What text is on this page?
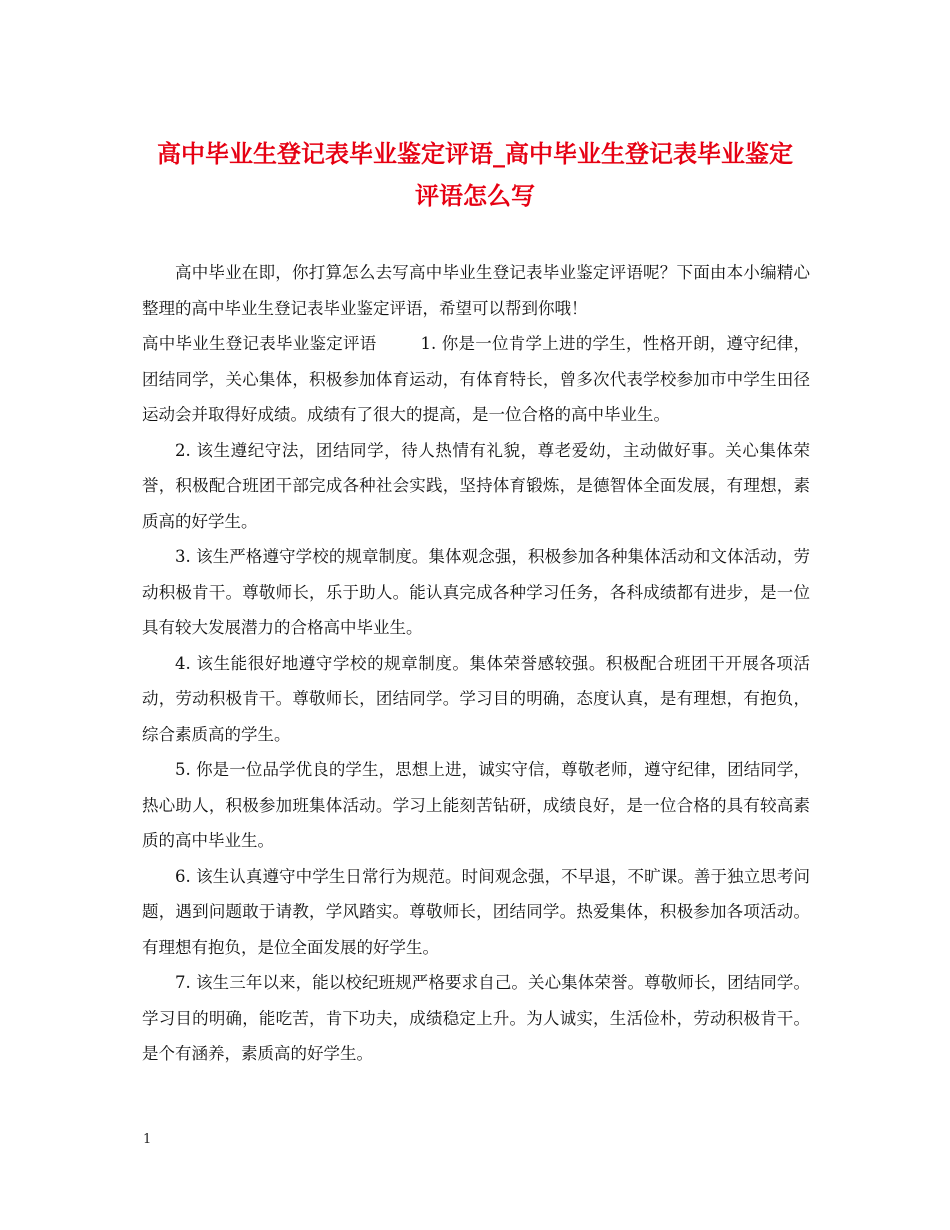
高中毕业生登记表毕业鉴定评语_高中毕业生登记表毕业鉴定
评语怎么写

高中毕业在即，你打算怎么去写高中毕业生登记表毕业鉴定评语呢？下面由本小编精心整理的高中毕业生登记表毕业鉴定评语，希望可以帮到你哦！

高中毕业生登记表毕业鉴定评语	1. 你是一位肯学上进的学生，性格开朗，遵守纪律，团结同学，关心集体，积极参加体育运动，有体育特长，曾多次代表学校参加市中学生田径运动会并取得好成绩。成绩有了很大的提高，是一位合格的高中毕业生。

2. 该生遵纪守法，团结同学，待人热情有礼貌，尊老爱幼，主动做好事。关心集体荣誉，积极配合班团干部完成各种社会实践，坚持体育锻炼，是德智体全面发展，有理想，素质高的好学生。

3. 该生严格遵守学校的规章制度。集体观念强，积极参加各种集体活动和文体活动，劳动积极肯干。尊敬师长，乐于助人。能认真完成各种学习任务，各科成绩都有进步，是一位具有较大发展潜力的合格高中毕业生。

4. 该生能很好地遵守学校的规章制度。集体荣誉感较强。积极配合班团干开展各项活动，劳动积极肯干。尊敬师长，团结同学。学习目的明确，态度认真，是有理想，有抱负，综合素质高的学生。

5. 你是一位品学优良的学生，思想上进，诚实守信，尊敬老师，遵守纪律，团结同学，热心助人，积极参加班集体活动。学习上能刻苦钻研，成绩良好，是一位合格的具有较高素质的高中毕业生。

6. 该生认真遵守中学生日常行为规范。时间观念强，不早退，不旷课。善于独立思考问题，遇到问题敢于请教，学风踏实。尊敬师长，团结同学。热爱集体，积极参加各项活动。有理想有抱负，是位全面发展的好学生。

7. 该生三年以来，能以校纪班规严格要求自己。关心集体荣誉。尊敬师长，团结同学。学习目的明确，能吃苦，肯下功夫，成绩稳定上升。为人诚实，生活俭朴，劳动积极肯干。是个有涵养，素质高的好学生。

1
